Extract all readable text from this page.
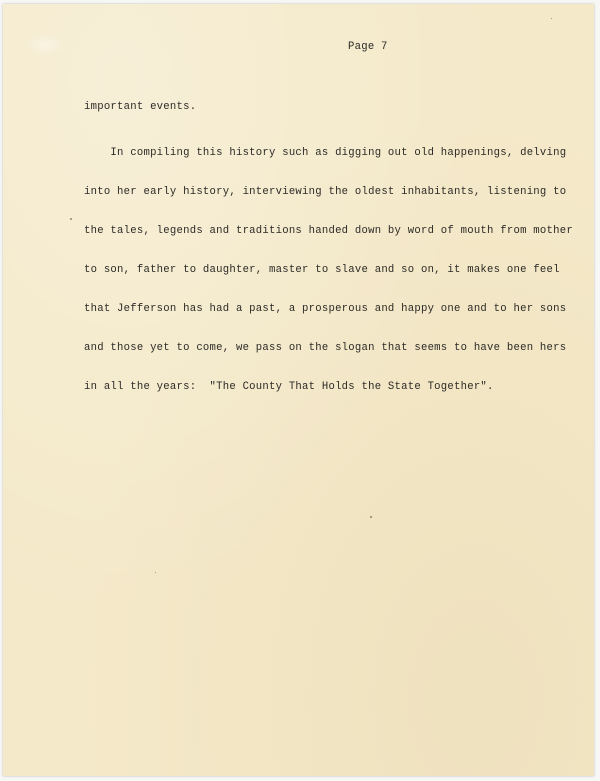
Page 7
important events.

In compiling this history such as digging out old happenings, delving

into her early history, interviewing the oldest inhabitants, listening to

the tales, legends and traditions handed down by word of mouth from mother

to son, father to daughter, master to slave and so on, it makes one feel

that Jefferson has had a past, a prosperous and happy one and to her sons

and those yet to come, we pass on the slogan that seems to have been hers

in all the years:  "The County That Holds the State Together".
